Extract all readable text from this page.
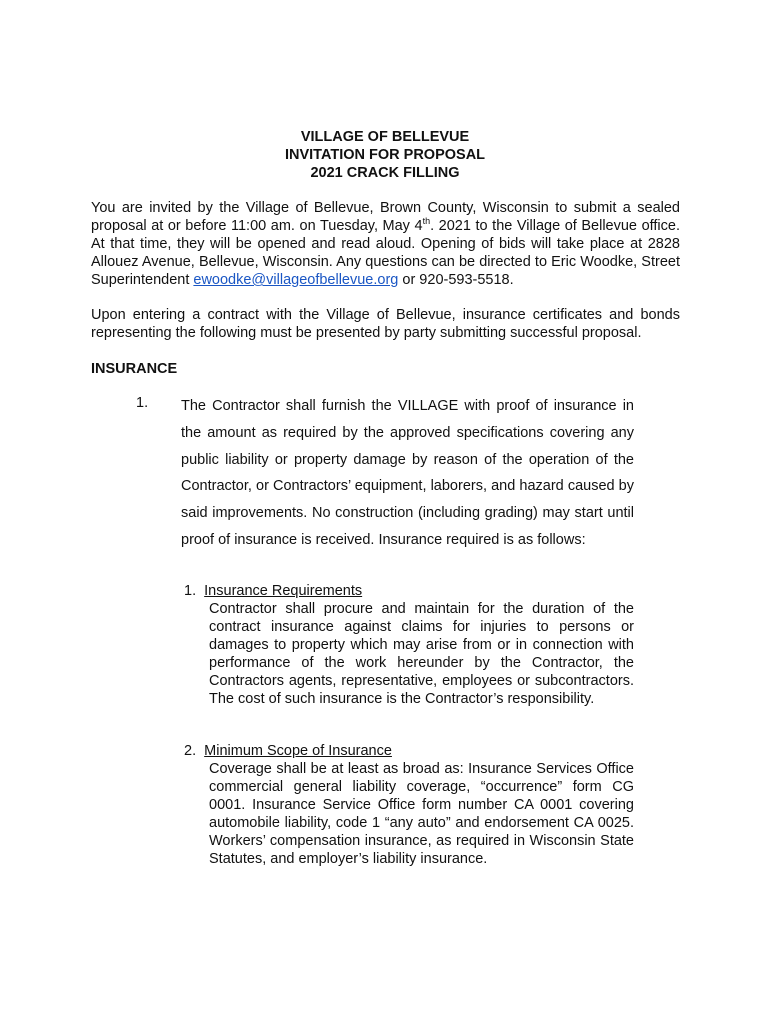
VILLAGE OF BELLEVUE
INVITATION FOR PROPOSAL
2021 CRACK FILLING
You are invited by the Village of Bellevue, Brown County, Wisconsin to submit a sealed proposal at or before 11:00 am. on Tuesday, May 4th. 2021 to the Village of Bellevue office. At that time, they will be opened and read aloud. Opening of bids will take place at 2828 Allouez Avenue, Bellevue, Wisconsin. Any questions can be directed to Eric Woodke, Street Superintendent ewoodke@villageofbellevue.org or 920-593-5518.
Upon entering a contract with the Village of Bellevue, insurance certificates and bonds representing the following must be presented by party submitting successful proposal.
INSURANCE
1. The Contractor shall furnish the VILLAGE with proof of insurance in the amount as required by the approved specifications covering any public liability or property damage by reason of the operation of the Contractor, or Contractors’ equipment, laborers, and hazard caused by said improvements. No construction (including grading) may start until proof of insurance is received. Insurance required is as follows:
1. Insurance Requirements
Contractor shall procure and maintain for the duration of the contract insurance against claims for injuries to persons or damages to property which may arise from or in connection with performance of the work hereunder by the Contractor, the Contractors agents, representative, employees or subcontractors. The cost of such insurance is the Contractor’s responsibility.
2. Minimum Scope of Insurance
Coverage shall be at least as broad as: Insurance Services Office commercial general liability coverage, “occurrence” form CG 0001. Insurance Service Office form number CA 0001 covering automobile liability, code 1 “any auto” and endorsement CA 0025. Workers’ compensation insurance, as required in Wisconsin State Statutes, and employer’s liability insurance.
